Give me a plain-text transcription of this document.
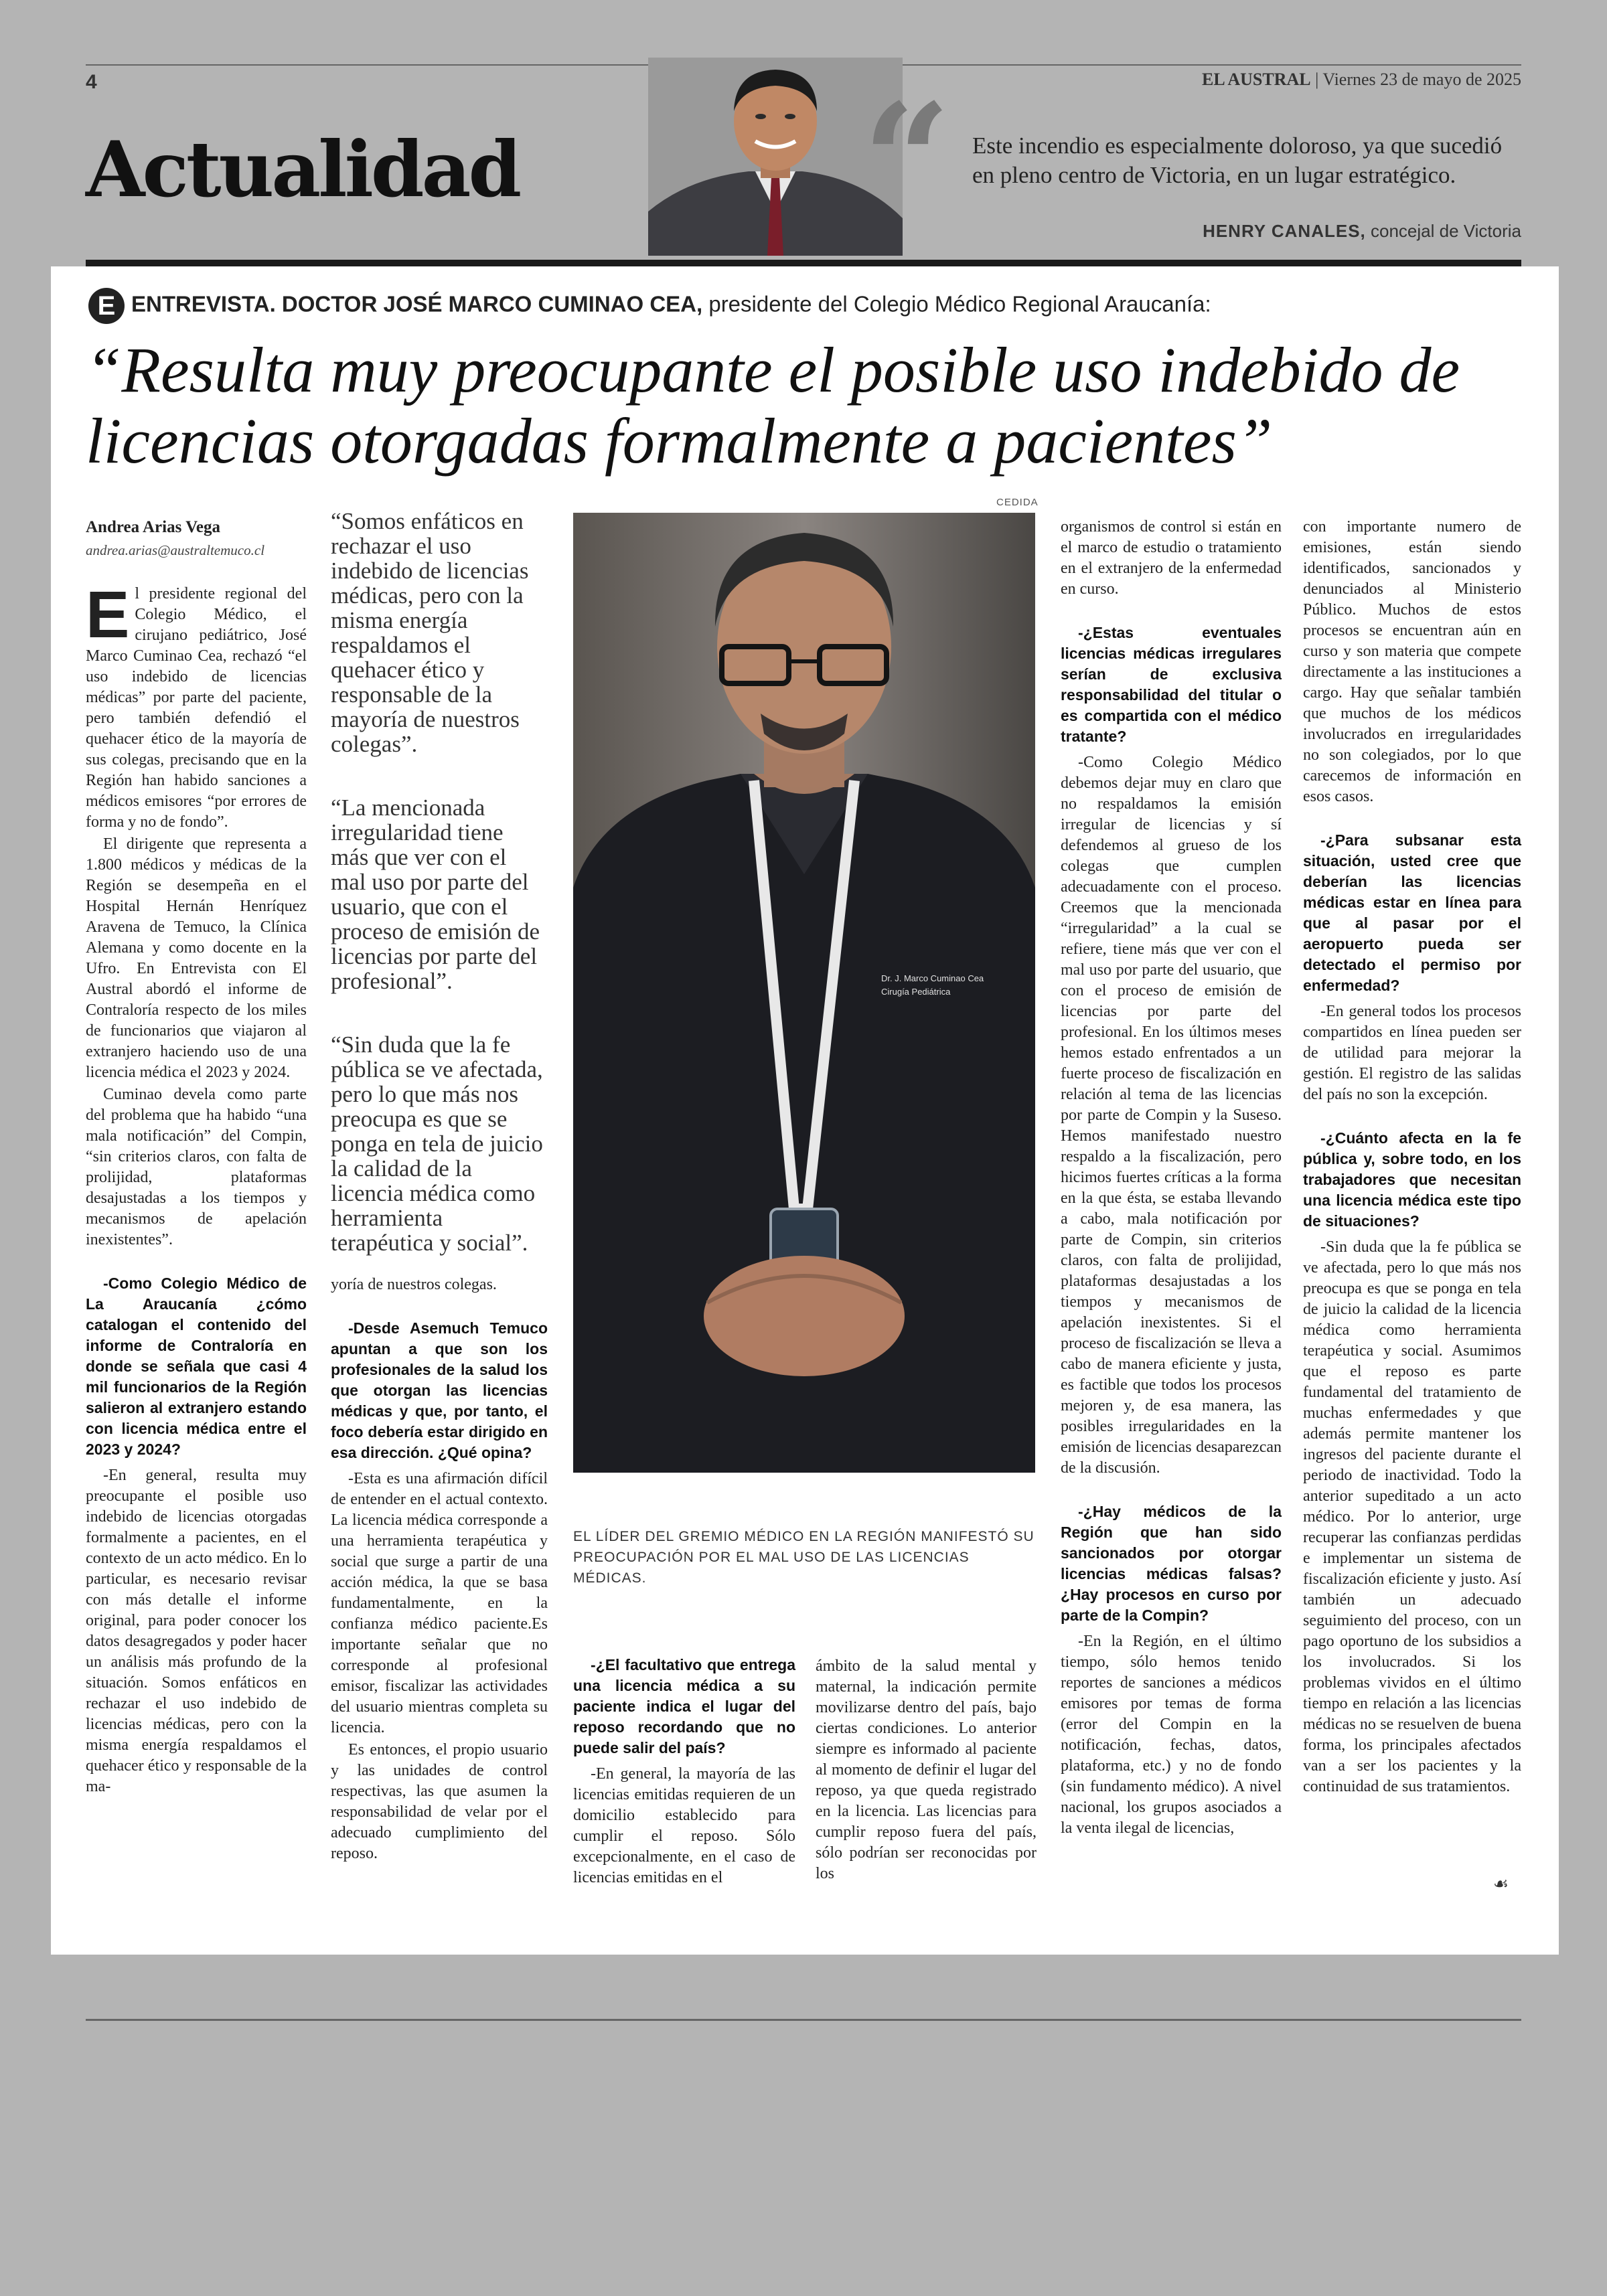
4	EL AUSTRAL | Viernes 23 de mayo de 2025
Actualidad “ Este incendio es especialmente doloroso, ya que sucedió en pleno centro de Victoria, en un lugar estratégico.
HENRY CANALES, concejal de Victoria
E ENTREVISTA. DOCTOR JOSÉ MARCO CUMINAO CEA, presidente del Colegio Médico Regional Araucanía:
“Resulta muy preocupante el posible uso indebido de licencias otorgadas formalmente a pacientes”
Andrea Arias Vega
andrea.arias@australtemuco.cl

El presidente regional del Colegio Médico, el cirujano pediátrico, José Marco Cuminao Cea, rechazó “el uso indebido de licencias médicas” por parte del paciente, pero también defendió el quehacer ético de la mayoría de sus colegas, precisando que en la Región han habido sanciones a médicos emisores “por errores de forma y no de fondo”.

El dirigente que representa a 1.800 médicos y médicas de la Región se desempeña en el Hospital Hernán Henríquez Aravena de Temuco, la Clínica Alemana y como docente en la Ufro. En Entrevista con El Austral abordó el informe de Contraloría respecto de los miles de funcionarios que viajaron al extranjero haciendo uso de una licencia médica el 2023 y 2024.

Cuminao devela como parte del problema que ha habido “una mala notificación” del Compin, “sin criterios claros, con falta de prolijidad, plataformas desajustadas a los tiempos y mecanismos de apelación inexistentes”.

-Como Colegio Médico de La Araucanía ¿cómo catalogan el contenido del informe de Contraloría en donde se señala que casi 4 mil funcionarios de la Región salieron al extranjero estando con licencia médica entre el 2023 y 2024?

-En general, resulta muy preocupante el posible uso indebido de licencias otorgadas formalmente a pacientes, en el contexto de un acto médico. En lo particular, es necesario revisar con más detalle el informe original, para poder conocer los datos desagregados y poder hacer un análisis más profundo de la situación. Somos enfáticos en rechazar el uso indebido de licencias médicas, pero con la misma energía respaldamos el quehacer ético y responsable de la ma-

“Somos enfáticos en rechazar el uso indebido de licencias médicas, pero con la misma energía respaldamos el quehacer ético y responsable de la mayoría de nuestros colegas”.

“La mencionada irregularidad tiene más que ver con el mal uso por parte del usuario, que con el proceso de emisión de licencias por parte del profesional”.

“Sin duda que la fe pública se ve afectada, pero lo que más nos preocupa es que se ponga en tela de juicio la calidad de la licencia médica como herramienta terapéutica y social”.

yoría de nuestros colegas.

-Desde Asemuch Temuco apuntan a que son los profesionales de la salud los que otorgan las licencias médicas y que, por tanto, el foco debería estar dirigido en esa dirección. ¿Qué opina?

-Esta es una afirmación difícil de entender en el actual contexto. La licencia médica corresponde a una herramienta terapéutica y social que surge a partir de una acción médica, la que se basa fundamentalmente, en la confianza médico paciente.Es importante señalar que no corresponde al profesional emisor, fiscalizar las actividades del usuario mientras completa su licencia.

Es entonces, el propio usuario y las unidades de control respectivas, las que asumen la responsabilidad de velar por el adecuado cumplimiento del reposo.

CEDIDA
Dr. J. Marco Cuminao Cea
Cirugía Pediátrica
EL LÍDER DEL GREMIO MÉDICO EN LA REGIÓN MANIFESTÓ SU PREOCUPACIÓN POR EL MAL USO DE LAS LICENCIAS MÉDICAS.
-¿El facultativo que entrega una licencia médica a su paciente indica el lugar del reposo recordando que no puede salir del país?

-En general, la mayoría de las licencias emitidas requieren de un domicilio establecido para cumplir el reposo. Sólo excepcionalmente, en el caso de licencias emitidas en el

ámbito de la salud mental y maternal, la indicación permite movilizarse dentro del país, bajo ciertas condiciones. Lo anterior siempre es informado al paciente al momento de definir el lugar del reposo, ya que queda registrado en la licencia. Las licencias para cumplir reposo fuera del país, sólo podrían ser reconocidas por los

organismos de control si están en el marco de estudio o tratamiento en el extranjero de la enfermedad en curso.

-¿Estas eventuales licencias médicas irregulares serían de exclusiva responsabilidad del titular o es compartida con el médico tratante?

-Como Colegio Médico debemos dejar muy en claro que no respaldamos la emisión irregular de licencias y sí defendemos al grueso de los colegas que cumplen adecuadamente con el proceso. Creemos que la mencionada “irregularidad” a la cual se refiere, tiene más que ver con el mal uso por parte del usuario, que con el proceso de emisión de licencias por parte del profesional. En los últimos meses hemos estado enfrentados a un fuerte proceso de fiscalización en relación al tema de las licencias por parte de Compin y la Suseso. Hemos manifestado nuestro respaldo a la fiscalización, pero hicimos fuertes críticas a la forma en la que ésta, se estaba llevando a cabo, mala notificación por parte de Compin, sin criterios claros, con falta de prolijidad, plataformas desajustadas a los tiempos y mecanismos de apelación inexistentes. Si el proceso de fiscalización se lleva a cabo de manera eficiente y justa, es factible que todos los procesos mejoren y, de esa manera, las posibles irregularidades en la emisión de licencias desaparezcan de la discusión.

-¿Hay médicos de la Región que han sido sancionados por otorgar licencias médicas falsas? ¿Hay procesos en curso por parte de la Compin?

-En la Región, en el último tiempo, sólo hemos tenido reportes de sanciones a médicos emisores por temas de forma (error del Compin en la notificación, fechas, datos, plataforma, etc.) y no de fondo (sin fundamento médico). A nivel nacional, los grupos asociados a la venta ilegal de licencias,

con importante numero de emisiones, están siendo identificados, sancionados y denunciados al Ministerio Público. Muchos de estos procesos se encuentran aún en curso y son materia que compete directamente a las instituciones a cargo. Hay que señalar también que muchos de los médicos involucrados en irregularidades no son colegiados, por lo que carecemos de información en esos casos.

-¿Para subsanar esta situación, usted cree que deberían las licencias médicas estar en línea para que al pasar por el aeropuerto pueda ser detectado el permiso por enfermedad?

-En general todos los procesos compartidos en línea pueden ser de utilidad para mejorar la gestión. El registro de las salidas del país no son la excepción.

-¿Cuánto afecta en la fe pública y, sobre todo, en los trabajadores que necesitan una licencia médica este tipo de situaciones?

-Sin duda que la fe pública se ve afectada, pero lo que más nos preocupa es que se ponga en tela de juicio la calidad de la licencia médica como herramienta terapéutica y social. Asumimos que el reposo es parte fundamental del tratamiento de muchas enfermedades y que además permite mantener los ingresos del paciente durante el periodo de inactividad. Todo la anterior supeditado a un acto médico. Por lo anterior, urge recuperar las confianzas perdidas e implementar un sistema de fiscalización eficiente y justo. Así también un adecuado seguimiento del proceso, con un pago oportuno de los subsidios a los involucrados. Si los problemas vividos en el último tiempo en relación a las licencias médicas no se resuelven de buena forma, los principales afectados van a ser los pacientes y la continuidad de sus tratamientos.

☙
